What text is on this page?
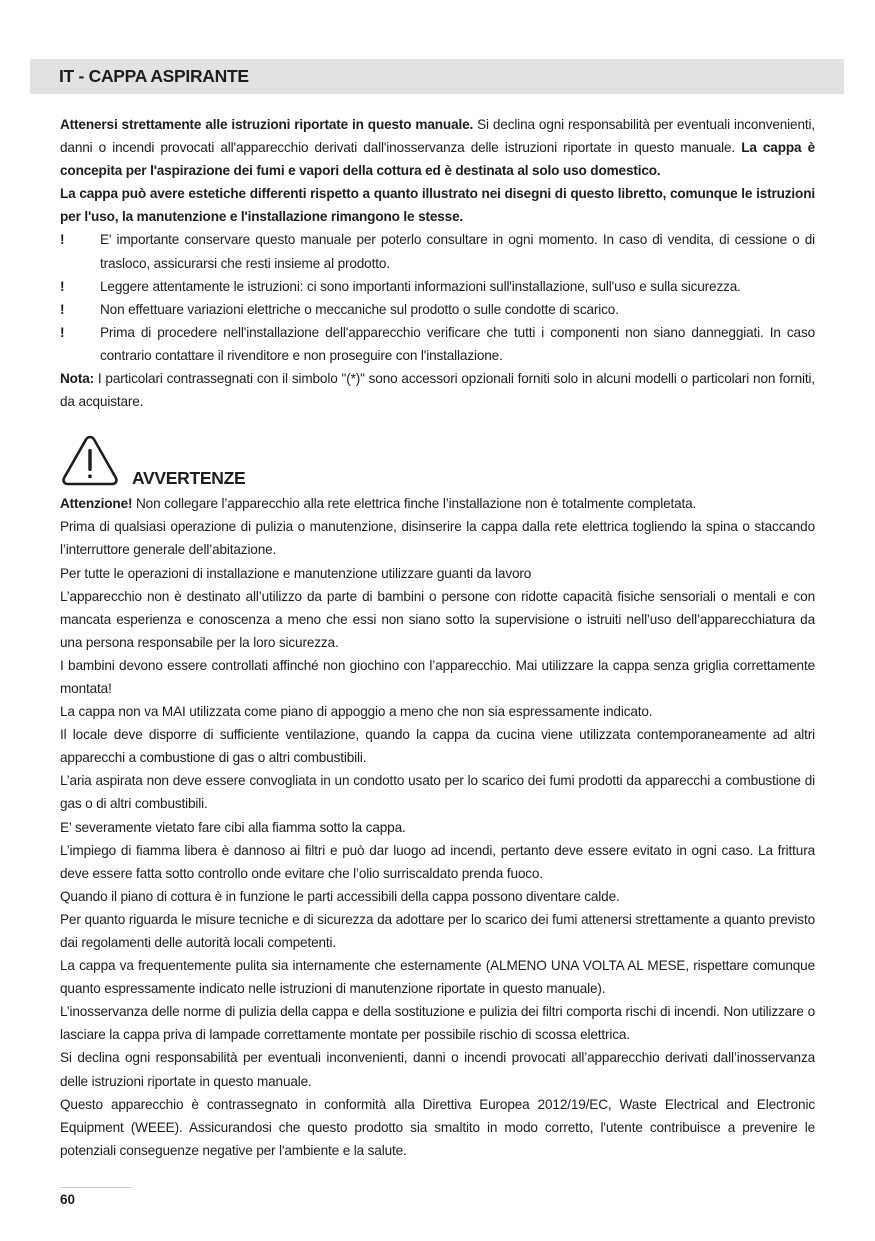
IT - CAPPA ASPIRANTE

Attenersi strettamente alle istruzioni riportate in questo manuale. Si declina ogni responsabilità per eventuali inconvenienti, danni o incendi provocati all'apparecchio derivati dall'inosservanza delle istruzioni riportate in questo manuale. La cappa è concepita per l'aspirazione dei fumi e vapori della cottura ed è destinata al solo uso domestico.

La cappa può avere estetiche differenti rispetto a quanto illustrato nei disegni di questo libretto, comunque le istruzioni per l'uso, la manutenzione e l'installazione rimangono le stesse.

!	E' importante conservare questo manuale per poterlo consultare in ogni momento. In caso di vendita, di cessione o di trasloco, assicurarsi che resti insieme al prodotto.
!	Leggere attentamente le istruzioni: ci sono importanti informazioni sull'installazione, sull'uso e sulla sicurezza.
!	Non effettuare variazioni elettriche o meccaniche sul prodotto o sulle condotte di scarico.
!	Prima di procedere nell'installazione dell'apparecchio verificare che tutti i componenti non siano danneggiati. In caso contrario contattare il rivenditore e non proseguire con l'installazione.

Nota: I particolari contrassegnati con il simbolo "(*)" sono accessori opzionali forniti solo in alcuni modelli o particolari non forniti, da acquistare.

AVVERTENZE

Attenzione! Non collegare l’apparecchio alla rete elettrica finche l’installazione non è totalmente completata.

Prima di qualsiasi operazione di pulizia o manutenzione, disinserire la cappa dalla rete elettrica togliendo la spina o staccando l’interruttore generale dell’abitazione.

Per tutte le operazioni di installazione e manutenzione utilizzare guanti da lavoro

L’apparecchio non è destinato all’utilizzo da parte di bambini o persone con ridotte capacità fisiche sensoriali o mentali e con mancata esperienza e conoscenza a meno che essi non siano sotto la supervisione o istruiti nell’uso dell’apparecchiatura da una persona responsabile per la loro sicurezza.

I bambini devono essere controllati affinché non giochino con l’apparecchio. Mai utilizzare la cappa senza griglia correttamente montata!

La cappa non va MAI utilizzata come piano di appoggio a meno che non sia espressamente indicato.

Il locale deve disporre di sufficiente ventilazione, quando la cappa da cucina viene utilizzata contemporaneamente ad altri apparecchi a combustione di gas o altri combustibili.

L’aria aspirata non deve essere convogliata in un condotto usato per lo scarico dei fumi prodotti da apparecchi a combustione di gas o di altri combustibili.

E’ severamente vietato fare cibi alla fiamma sotto la cappa.

L’impiego di fiamma libera è dannoso ai filtri e può dar luogo ad incendi, pertanto deve essere evitato in ogni caso. La frittura deve essere fatta sotto controllo onde evitare che l’olio surriscaldato prenda fuoco.

Quando il piano di cottura è in funzione le parti accessibili della cappa possono diventare calde.

Per quanto riguarda le misure tecniche e di sicurezza da adottare per lo scarico dei fumi attenersi strettamente a quanto previsto dai regolamenti delle autorità locali competenti.

La cappa va frequentemente pulita sia internamente che esternamente (ALMENO UNA VOLTA AL MESE, rispettare comunque quanto espressamente indicato nelle istruzioni di manutenzione riportate in questo manuale).

L’inosservanza delle norme di pulizia della cappa e della sostituzione e pulizia dei filtri comporta rischi di incendi. Non utilizzare o lasciare la cappa priva di lampade correttamente montate per possibile rischio di scossa elettrica.

Si declina ogni responsabilità per eventuali inconvenienti, danni o incendi provocati all’apparecchio derivati dall’inosservanza delle istruzioni riportate in questo manuale.

Questo apparecchio è contrassegnato in conformità alla Direttiva Europea 2012/19/EC, Waste Electrical and Electronic Equipment (WEEE). Assicurandosi che questo prodotto sia smaltito in modo corretto, l'utente contribuisce a prevenire le potenziali conseguenze negative per l'ambiente e la salute.

60
